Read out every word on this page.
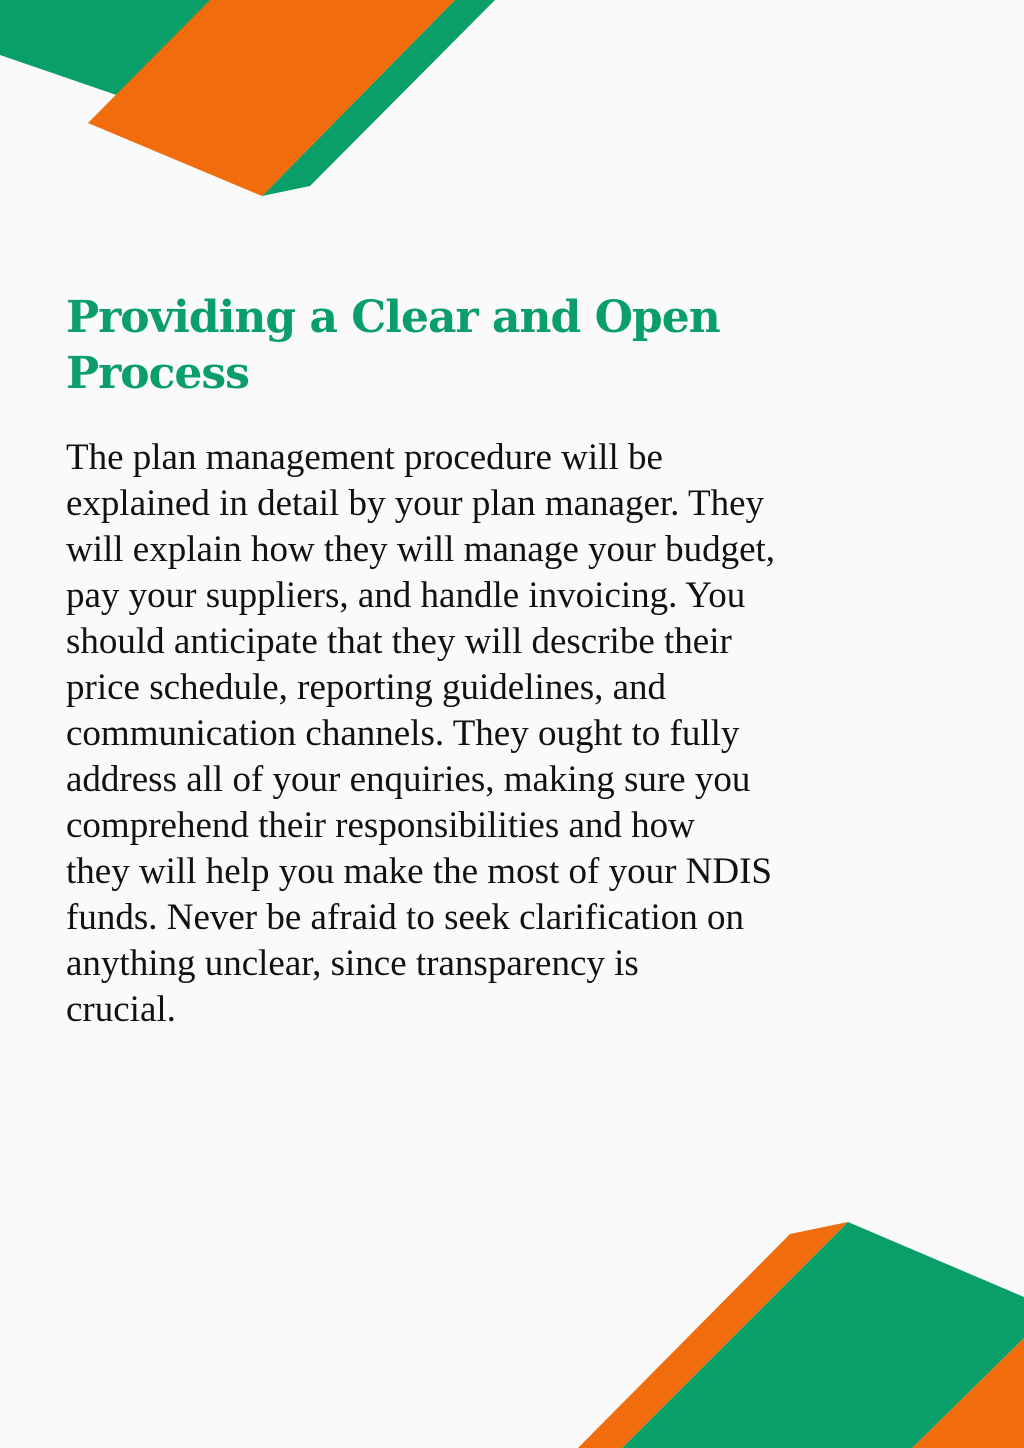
Providing a Clear and Open
Process

The plan management procedure will be
explained in detail by your plan manager. They
will explain how they will manage your budget,
pay your suppliers, and handle invoicing. You
should anticipate that they will describe their
price schedule, reporting guidelines, and
communication channels. They ought to fully
address all of your enquiries, making sure you
comprehend their responsibilities and how
they will help you make the most of your NDIS
funds. Never be afraid to seek clarification on
anything unclear, since transparency is
crucial.
